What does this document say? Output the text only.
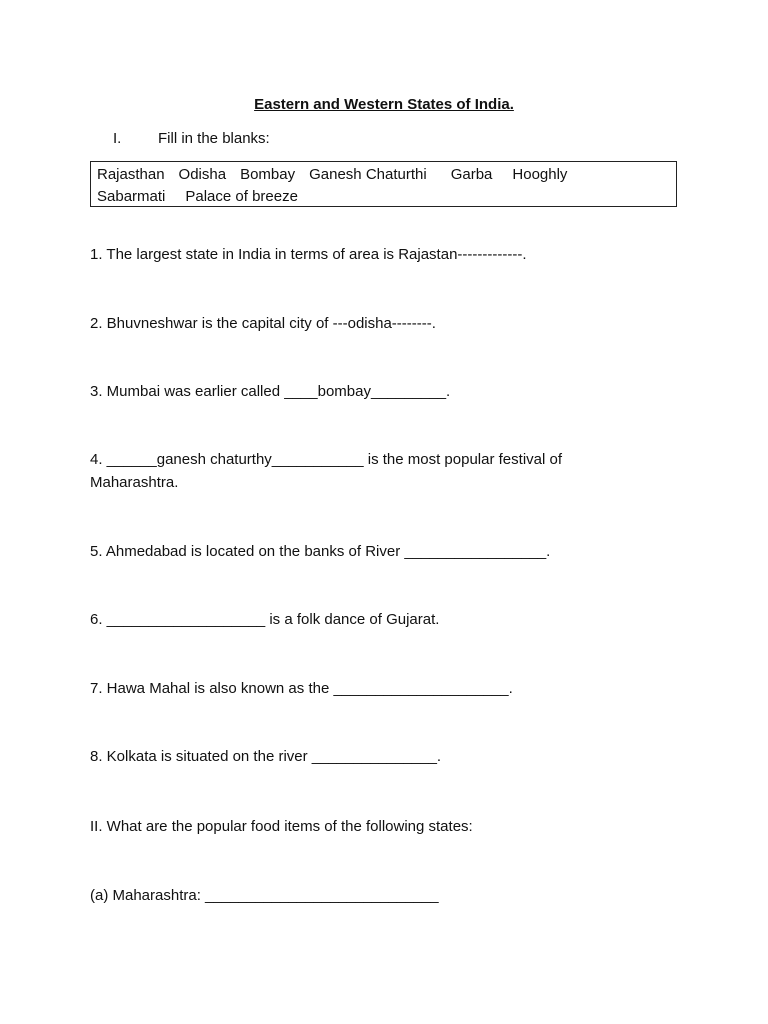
Eastern and Western States of India.
I. Fill in the blanks:
Rajasthan Odisha Bombay Ganesh Chaturthi Garba Hooghly
Sabarmati Palace of breeze
1. The largest state in India in terms of area is Rajastan-------------.
2. Bhuvneshwar is the capital city of ---odisha--------.
3. Mumbai was earlier called ____bombay_________.
4. ______ganesh chaturthy___________ is the most popular festival of
Maharashtra.
5. Ahmedabad is located on the banks of River _________________.
6. ___________________ is a folk dance of Gujarat.
7. Hawa Mahal is also known as the _____________________.
8. Kolkata is situated on the river _______________.
II. What are the popular food items of the following states:
(a) Maharashtra: ____________________________
